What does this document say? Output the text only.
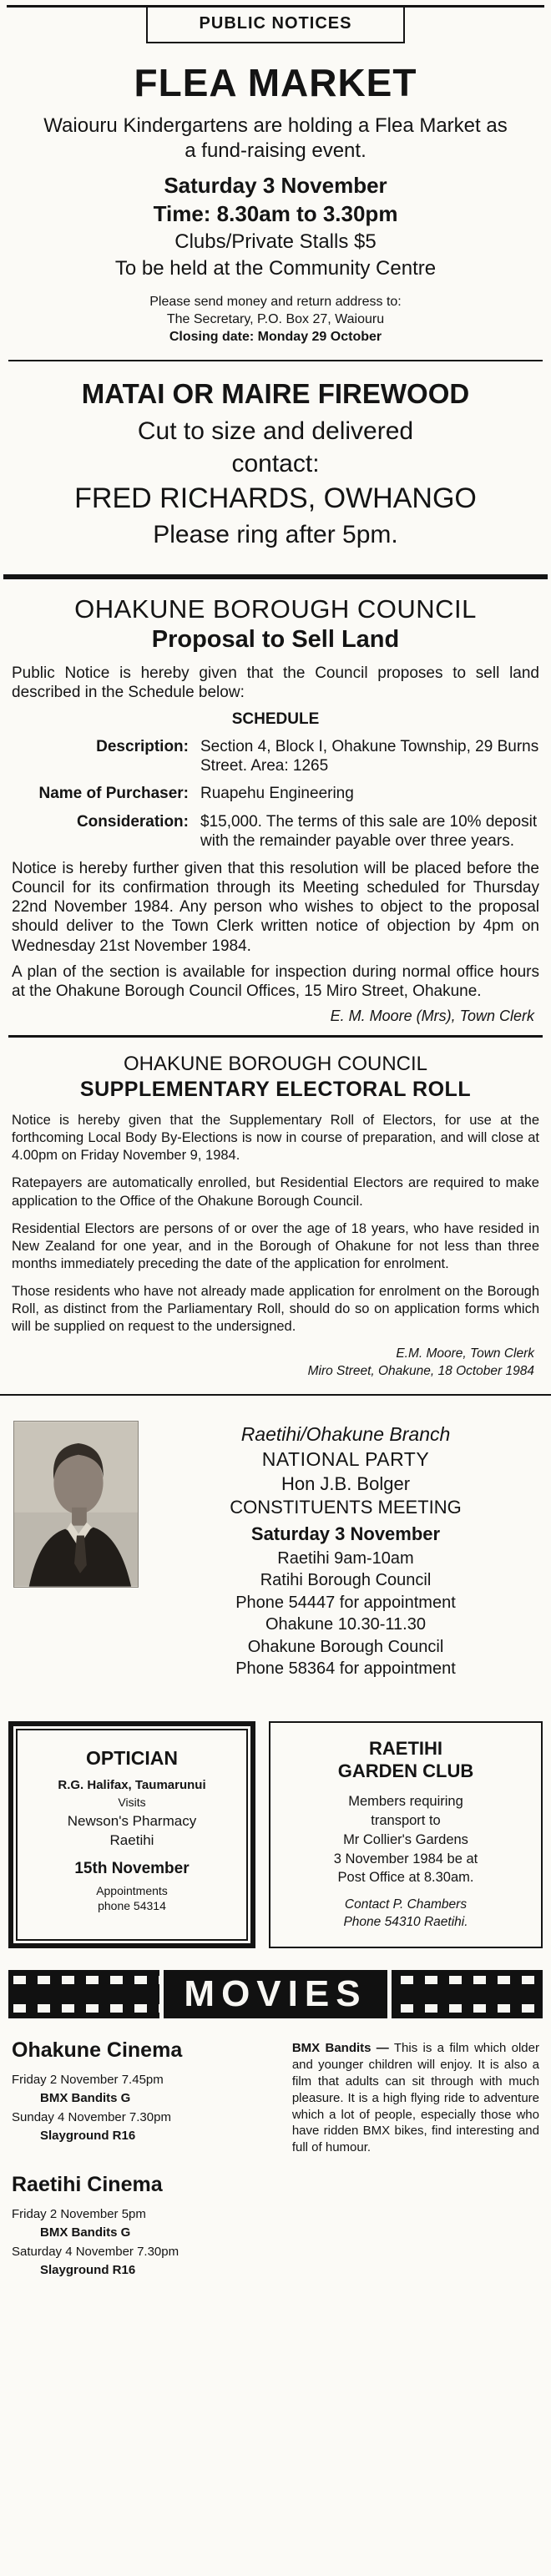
PUBLIC NOTICES
FLEA MARKET
Waiouru Kindergartens are holding a Flea Market as a fund-raising event.
Saturday 3 November
Time: 8.30am to 3.30pm
Clubs/Private Stalls $5
To be held at the Community Centre
Please send money and return address to:
The Secretary, P.O. Box 27, Waiouru
Closing date: Monday 29 October
MATAI OR MAIRE FIREWOOD
Cut to size and delivered
contact:
FRED RICHARDS, OWHANGO
Please ring after 5pm.
OHAKUNE BOROUGH COUNCIL
Proposal to Sell Land
Public Notice is hereby given that the Council proposes to sell land described in the Schedule below:
SCHEDULE
Description: Section 4, Block I, Ohakune Township, 29 Burns Street. Area: 1265
Name of Purchaser: Ruapehu Engineering
Consideration: $15,000. The terms of this sale are 10% deposit with the remainder payable over three years.
Notice is hereby further given that this resolution will be placed before the Council for its confirmation through its Meeting scheduled for Thursday 22nd November 1984. Any person who wishes to object to the proposal should deliver to the Town Clerk written notice of objection by 4pm on Wednesday 21st November 1984.
A plan of the section is available for inspection during normal office hours at the Ohakune Borough Council Offices, 15 Miro Street, Ohakune.
E. M. Moore (Mrs), Town Clerk
OHAKUNE BOROUGH COUNCIL
SUPPLEMENTARY ELECTORAL ROLL
Notice is hereby given that the Supplementary Roll of Electors, for use at the forthcoming Local Body By-Elections is now in course of preparation, and will close at 4.00pm on Friday November 9, 1984.
Ratepayers are automatically enrolled, but Residential Electors are required to make application to the Office of the Ohakune Borough Council.
Residential Electors are persons of or over the age of 18 years, who have resided in New Zealand for one year, and in the Borough of Ohakune for not less than three months immediately preceding the date of the application for enrolment.
Those residents who have not already made application for enrolment on the Borough Roll, as distinct from the Parliamentary Roll, should do so on application forms which will be supplied on request to the undersigned.
E.M. Moore, Town Clerk
Miro Street, Ohakune, 18 October 1984
Raetihi/Ohakune Branch
NATIONAL PARTY
Hon J.B. Bolger
CONSTITUENTS MEETING
Saturday 3 November
Raetihi 9am-10am
Ratihi Borough Council
Phone 54447 for appointment
Ohakune 10.30-11.30
Ohakune Borough Council
Phone 58364 for appointment
OPTICIAN
R.G. Halifax, Taumarunui
Visits
Newson's Pharmacy
Raetihi
15th November
Appointments
phone 54314
RAETIHI
GARDEN CLUB
Members requiring
transport to
Mr Collier's Gardens
3 November 1984 be at
Post Office at 8.30am.
Contact P. Chambers
Phone 54310 Raetihi.
MOVIES
Ohakune Cinema
Friday 2 November 7.45pm
BMX Bandits G
Sunday 4 November 7.30pm
Slayground R16
Raetihi Cinema
Friday 2 November 5pm
BMX Bandits G
Saturday 4 November 7.30pm
Slayground R16
BMX Bandits — This is a film which older and younger children will enjoy. It is also a film that adults can sit through with much pleasure. It is a high flying ride to adventure which a lot of people, especially those who have ridden BMX bikes, find interesting and full of humour.
